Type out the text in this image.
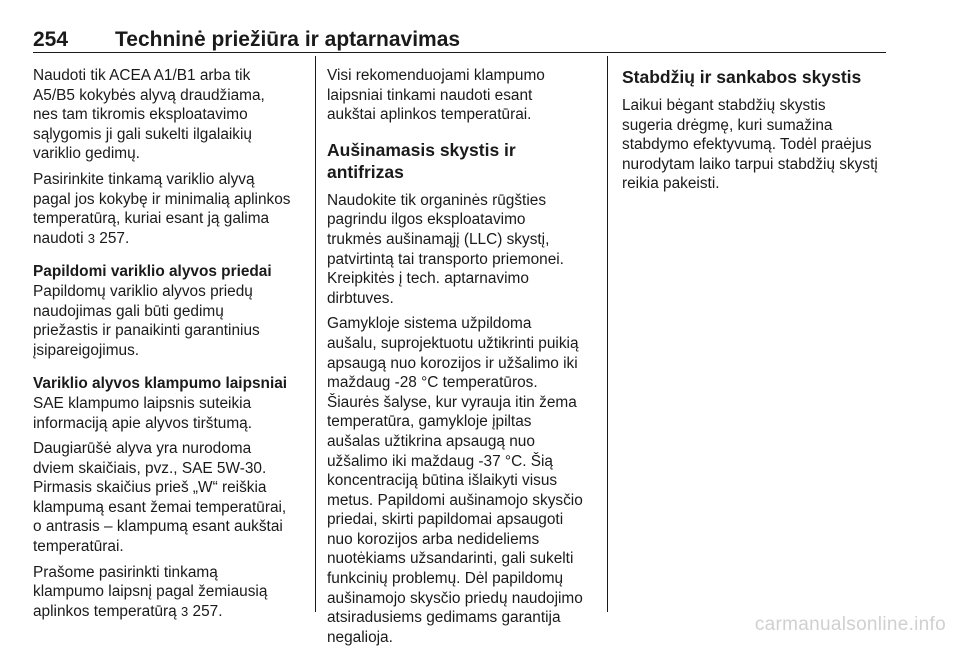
254 Techninė priežiūra ir aptarnavimas

Naudoti tik ACEA A1/B1 arba tik
A5/B5 kokybės alyvą draudžiama,
nes tam tikromis eksploatavimo
sąlygomis ji gali sukelti ilgalaikių
variklio gedimų.

Pasirinkite tinkamą variklio alyvą
pagal jos kokybę ir minimalią aplinkos
temperatūrą, kuriai esant ją galima
naudoti 3 257.

Papildomi variklio alyvos priedai

Papildomų variklio alyvos priedų
naudojimas gali būti gedimų
priežastis ir panaikinti garantinius
įsipareigojimus.

Variklio alyvos klampumo laipsniai

SAE klampumo laipsnis suteikia
informaciją apie alyvos tirštumą.

Daugiarūšė alyva yra nurodoma
dviem skaičiais, pvz., SAE 5W-30.
Pirmasis skaičius prieš „W“ reiškia
klampumą esant žemai temperatūrai,
o antrasis – klampumą esant aukštai
temperatūrai.

Prašome pasirinkti tinkamą
klampumo laipsnį pagal žemiausią
aplinkos temperatūrą 3 257.

Visi rekomenduojami klampumo
laipsniai tinkami naudoti esant
aukštai aplinkos temperatūrai.

Aušinamasis skystis ir antifrizas

Naudokite tik organinės rūgšties
pagrindu ilgos eksploatavimo
trukmės aušinamąjį (LLC) skystį,
patvirtintą tai transporto priemonei.
Kreipkitės į tech. aptarnavimo
dirbtuves.

Gamykloje sistema užpildoma
aušalu, suprojektuotu užtikrinti puikią
apsaugą nuo korozijos ir užšalimo iki
maždaug -28 °C temperatūros.
Šiaurės šalyse, kur vyrauja itin žema
temperatūra, gamykloje įpiltas
aušalas užtikrina apsaugą nuo
užšalimo iki maždaug -37 °C. Šią
koncentraciją būtina išlaikyti visus
metus. Papildomi aušinamojo skysčio
priedai, skirti papildomai apsaugoti
nuo korozijos arba nedideliems
nuotėkiams užsandarinti, gali sukelti
funkcinių problemų. Dėl papildomų
aušinamojo skysčio priedų naudojimo
atsiradusiems gedimams garantija
negalioja.

Stabdžių ir sankabos skystis

Laikui bėgant stabdžių skystis
sugeria drėgmę, kuri sumažina
stabdymo efektyvumą. Todėl praėjus
nurodytam laiko tarpui stabdžių skystį
reikia pakeisti.

carmanualsonline.info
